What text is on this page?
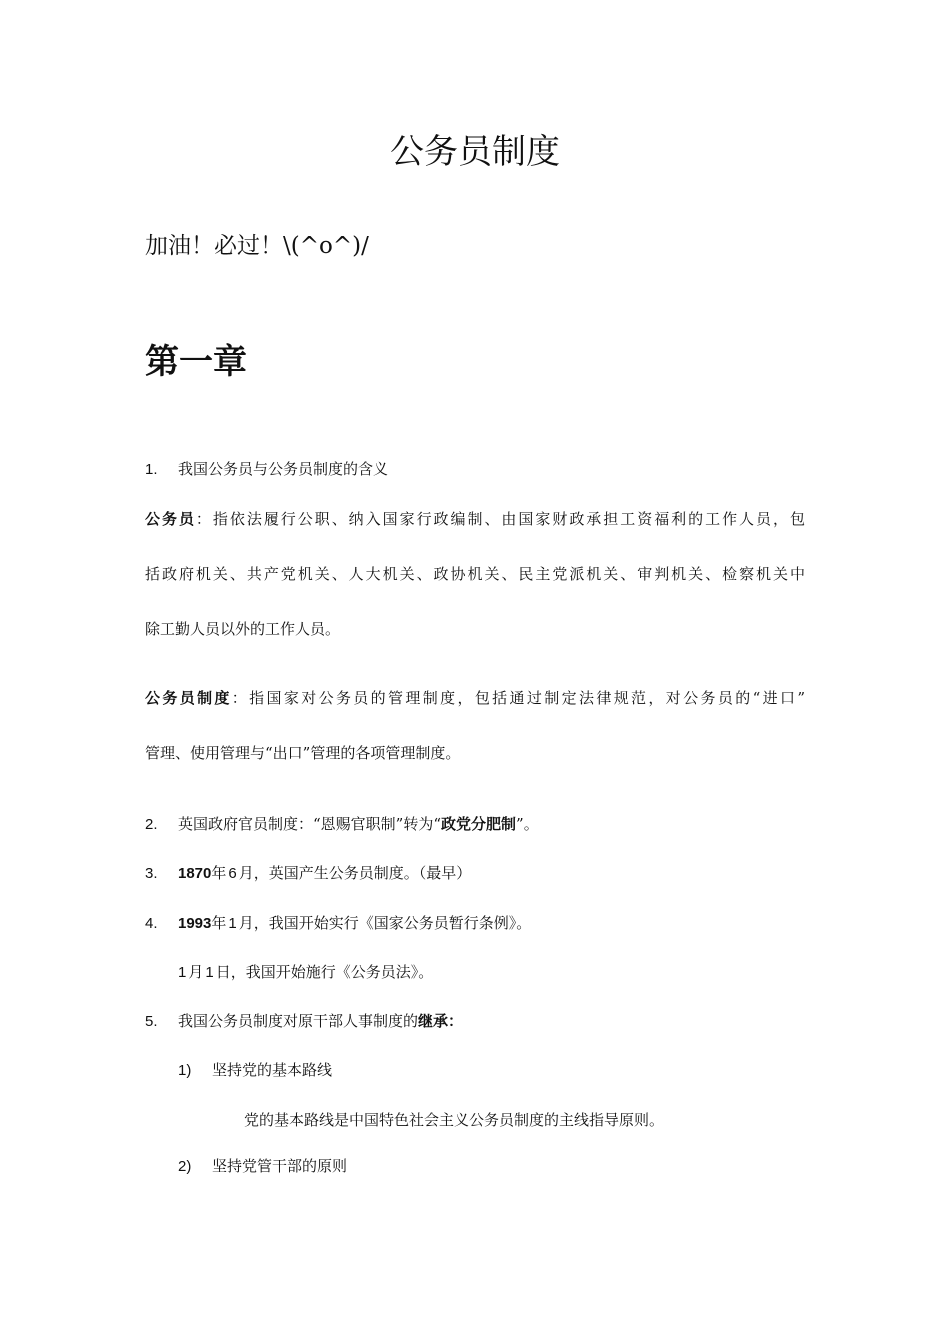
公务员制度
加油！必过！\(^o^)/
第一章
1. 我国公务员与公务员制度的含义
公务员：指依法履行公职、纳入国家行政编制、由国家财政承担工资福利的工作人员，包
括政府机关、共产党机关、人大机关、政协机关、民主党派机关、审判机关、检察机关中
除工勤人员以外的工作人员。
公务员制度：指国家对公务员的管理制度，包括通过制定法律规范，对公务员的“进口”
管理、使用管理与“出口”管理的各项管理制度。
2. 英国政府官员制度：“恩赐官职制”转为“政党分肥制”。
3. 1870年 6 月，英国产生公务员制度。（最早）
4. 1993年 1 月，我国开始实行《国家公务员暂行条例》。
1 月 1 日，我国开始施行《公务员法》。
5. 我国公务员制度对原干部人事制度的继承：
1) 坚持党的基本路线
党的基本路线是中国特色社会主义公务员制度的主线指导原则。
2) 坚持党管干部的原则
